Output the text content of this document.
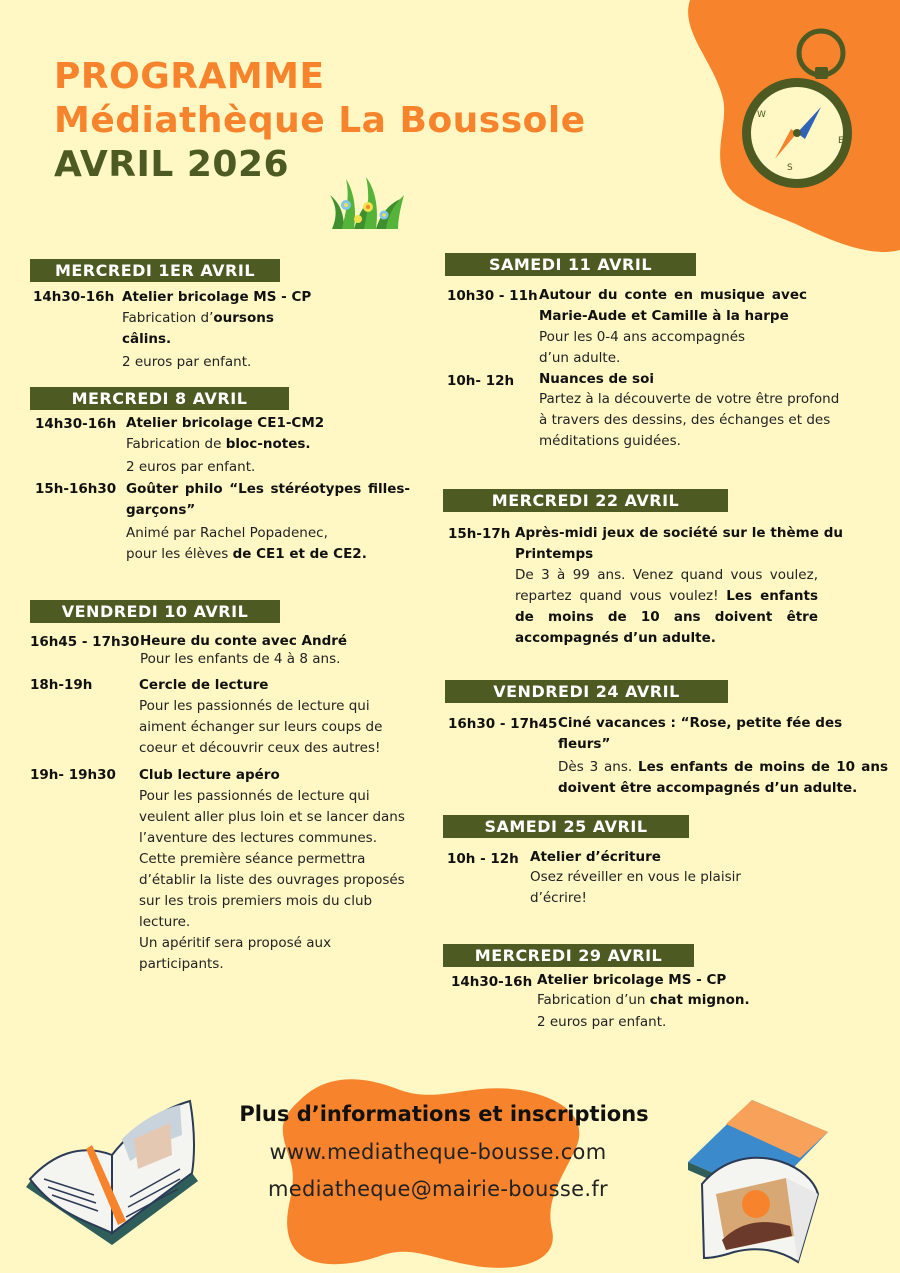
N
E
S
W
PROGRAMME
Médiathèque La Boussole
AVRIL 2026
MERCREDI 1ER AVRIL
14h30-16h Atelier bricolage MS - CP
Fabrication d’oursons câlins.
2 euros par enfant.
MERCREDI 8 AVRIL
14h30-16h Atelier bricolage CE1-CM2
Fabrication de bloc-notes.
2 euros par enfant.
15h-16h30 Goûter philo “Les stéréotypes filles-garçons”
Animé par Rachel Popadenec,
pour les élèves de CE1 et de CE2.
VENDREDI 10 AVRIL
16h45 - 17h30 Heure du conte avec André
Pour les enfants de 4 à 8 ans.
18h-19h	Cercle de lecture
Pour les passionnés de lecture qui aiment échanger sur leurs coups de coeur et découvrir ceux des autres!
19h- 19h30 Club lecture apéro
Pour les passionnés de lecture qui veulent aller plus loin et se lancer dans l’aventure des lectures communes. Cette première séance permettra d’établir la liste des ouvrages proposés sur les trois premiers mois du club lecture.
Un apéritif sera proposé aux participants.
SAMEDI 11 AVRIL
10h30 - 11h Autour du conte en musique avec Marie-Aude et Camille à la harpe
Pour les 0-4 ans accompagnés d’un adulte.
10h- 12h Nuances de soi
Partez à la découverte de votre être profond à travers des dessins, des échanges et des méditations guidées.
MERCREDI 22 AVRIL
15h-17h Après-midi jeux de société sur le thème du Printemps
De 3 à 99 ans. Venez quand vous voulez, repartez quand vous voulez! Les enfants de moins de 10 ans doivent être accompagnés d’un adulte.
VENDREDI 24 AVRIL
16h30 - 17h45 Ciné vacances : “Rose, petite fée des fleurs”
Dès 3 ans. Les enfants de moins de 10 ans doivent être accompagnés d’un adulte.
SAMEDI 25 AVRIL
10h - 12h Atelier d’écriture
Osez réveiller en vous le plaisir d’écrire!
MERCREDI 29 AVRIL
14h30-16h Atelier bricolage MS - CP
Fabrication d’un chat mignon.
2 euros par enfant.
Plus d’informations et inscriptions
www.mediatheque-bousse.com
mediatheque@mairie-bousse.fr
